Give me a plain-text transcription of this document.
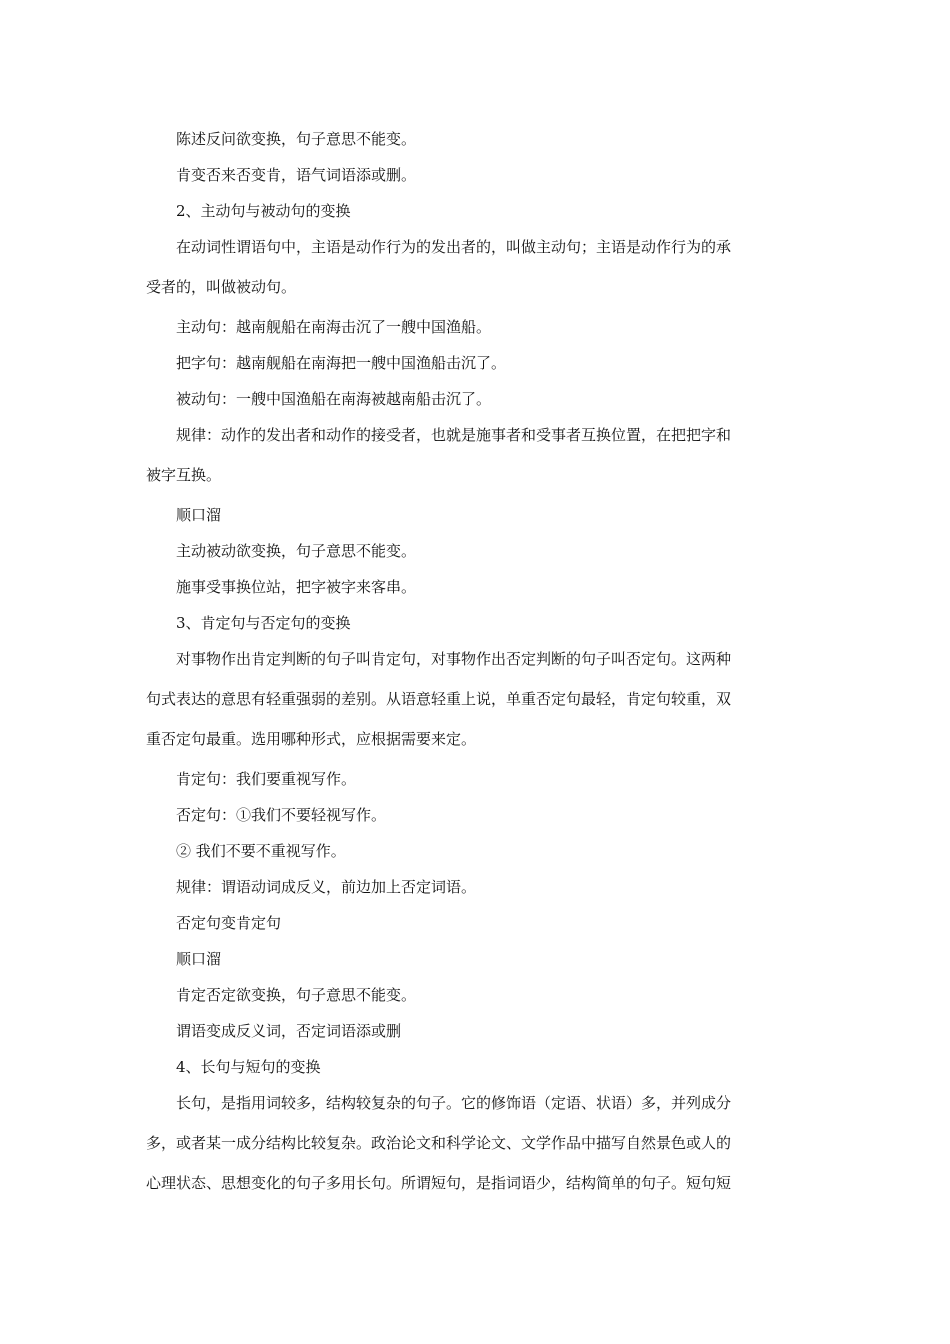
陈述反问欲变换，句子意思不能变。

肯变否来否变肯，语气词语添或删。

2、主动句与被动句的变换

在动词性谓语句中，主语是动作行为的发出者的，叫做主动句；主语是动作行为的承

受者的，叫做被动句。

主动句：越南舰船在南海击沉了一艘中国渔船。

把字句：越南舰船在南海把一艘中国渔船击沉了。

被动句：一艘中国渔船在南海被越南船击沉了。

规律：动作的发出者和动作的接受者，也就是施事者和受事者互换位置，在把把字和

被字互换。

顺口溜

主动被动欲变换，句子意思不能变。

施事受事换位站，把字被字来客串。

3、肯定句与否定句的变换

对事物作出肯定判断的句子叫肯定句，对事物作出否定判断的句子叫否定句。这两种

句式表达的意思有轻重强弱的差别。从语意轻重上说，单重否定句最轻，肯定句较重，双

重否定句最重。选用哪种形式，应根据需要来定。

肯定句：我们要重视写作。

否定句：①我们不要轻视写作。

② 我们不要不重视写作。

规律：谓语动词成反义，前边加上否定词语。

否定句变肯定句

顺口溜

肯定否定欲变换，句子意思不能变。

谓语变成反义词，否定词语添或删

4、长句与短句的变换

长句，是指用词较多，结构较复杂的句子。它的修饰语（定语、状语）多，并列成分

多，或者某一成分结构比较复杂。政治论文和科学论文、文学作品中描写自然景色或人的

心理状态、思想变化的句子多用长句。所谓短句，是指词语少，结构简单的句子。短句短
